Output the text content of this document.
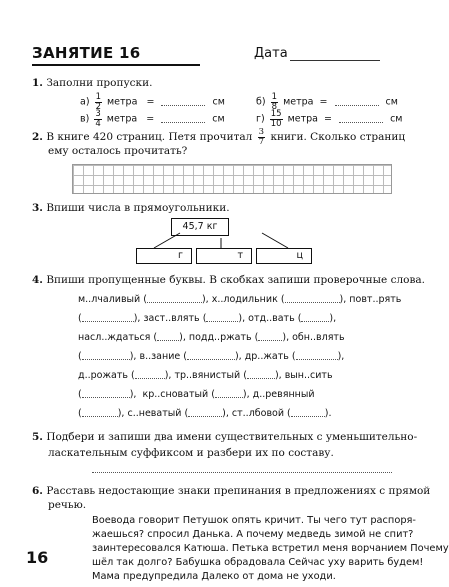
ЗАНЯТИЕ 16	Дата
1. Заполни пропуски.
$а) \frac{1}{2}$ метра =	см	$б) \frac{1}{8}$ метра =	см
$в) \frac{3}{4}$ метра =	см	$г) \frac{15}{10}$ метра =	см
2. В книге 420 страниц. Петя прочитал $\frac{3}{7}$ книги. Сколько страниц
ему осталось прочитать?
3. Впиши числа в прямоугольники.
45,7 кг
г	т	ц
4. Впиши пропущенные буквы. В скобках запиши проверочные слова.
м..лчаливый (	), х..лодильник (	), повт..рять
(	), заст..влять (	), отд..вать (	),
насл..ждаться ( ), подд..ржать (	), обн..влять
(	), в..зание (	), др..жать (	),
д..рожать (	), тр..вянистый (	), вын..сить
(	),  кр..сноватый (	), д..ревянный
(	), с..неватый (	), ст..лбовой (	).
5. Подбери и запиши два имени существительных с уменьшительно-
ласкательным суффиксом и разбери их по составу.
6. Расставь недостающие знаки препинания в предложениях с прямой
речью.
Воевода говорит Петушок опять кричит. Ты чего тут распоря-
жаешься? спросил Данька. А почему медведь зимой не спит?
заинтересовался Катюша. Петька встретил меня ворчанием Почему
шёл так долго? Бабушка обрадовала Сейчас уху варить будем!
Мама предупредила Далеко от дома не уходи.
16
